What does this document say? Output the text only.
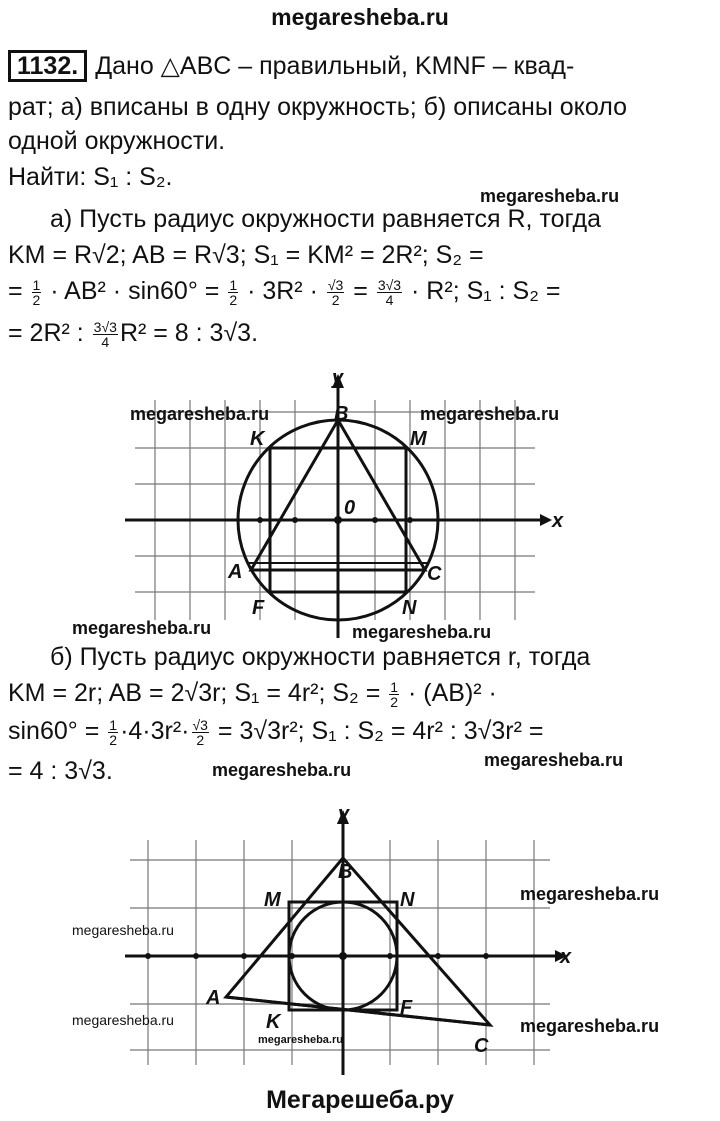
megaresheba.ru
1132. Дано △ABC – правильный, KMNF – квад-
рат; а) вписаны в одну окружность; б) описаны около
одной окружности.
Найти: S₁ : S₂.
megaresheba.ru
а) Пусть радиус окружности равняется R, тогда
KM = R√2; AB = R√3; S₁ = KM² = 2R²; S₂ =
= $\frac{1}{2} \cdot AB^2 \cdot \sin 60^\circ = \frac{1}{2} \cdot 3R^2 \cdot \frac{√3}{2} = \frac{3√3}{4} \cdot R^2$; S₁ : S₂ =
= 2R² : $\frac{3√3}{4} R^2 = 8$ : 3√3.
y
x
0
B
K	M
A	C
F	N
megaresheba.ru	megaresheba.ru
megaresheba.ru	megaresheba.ru
б) Пусть радиус окружности равняется r, тогда
KM = 2r; AB = 2√3r; S₁ = 4r²; $S_2 = \frac{1}{2} \cdot (AB)^2$ ·
$\sin 60^\circ = \frac{1}{2} \cdot 4\cdot 3r^2\cdot \frac{√3}{2} = 3√3r^2$; S₁ : S₂ = 4r² : 3√3r² =
= 4 : 3√3.	megaresheba.ru	megaresheba.ru
y
x
B
M	N
A
K
F
C
megaresheba.ru
megaresheba.ru
megaresheba.ru	megaresheba.ru
megaresheba.ru
Мегарешеба.ру
